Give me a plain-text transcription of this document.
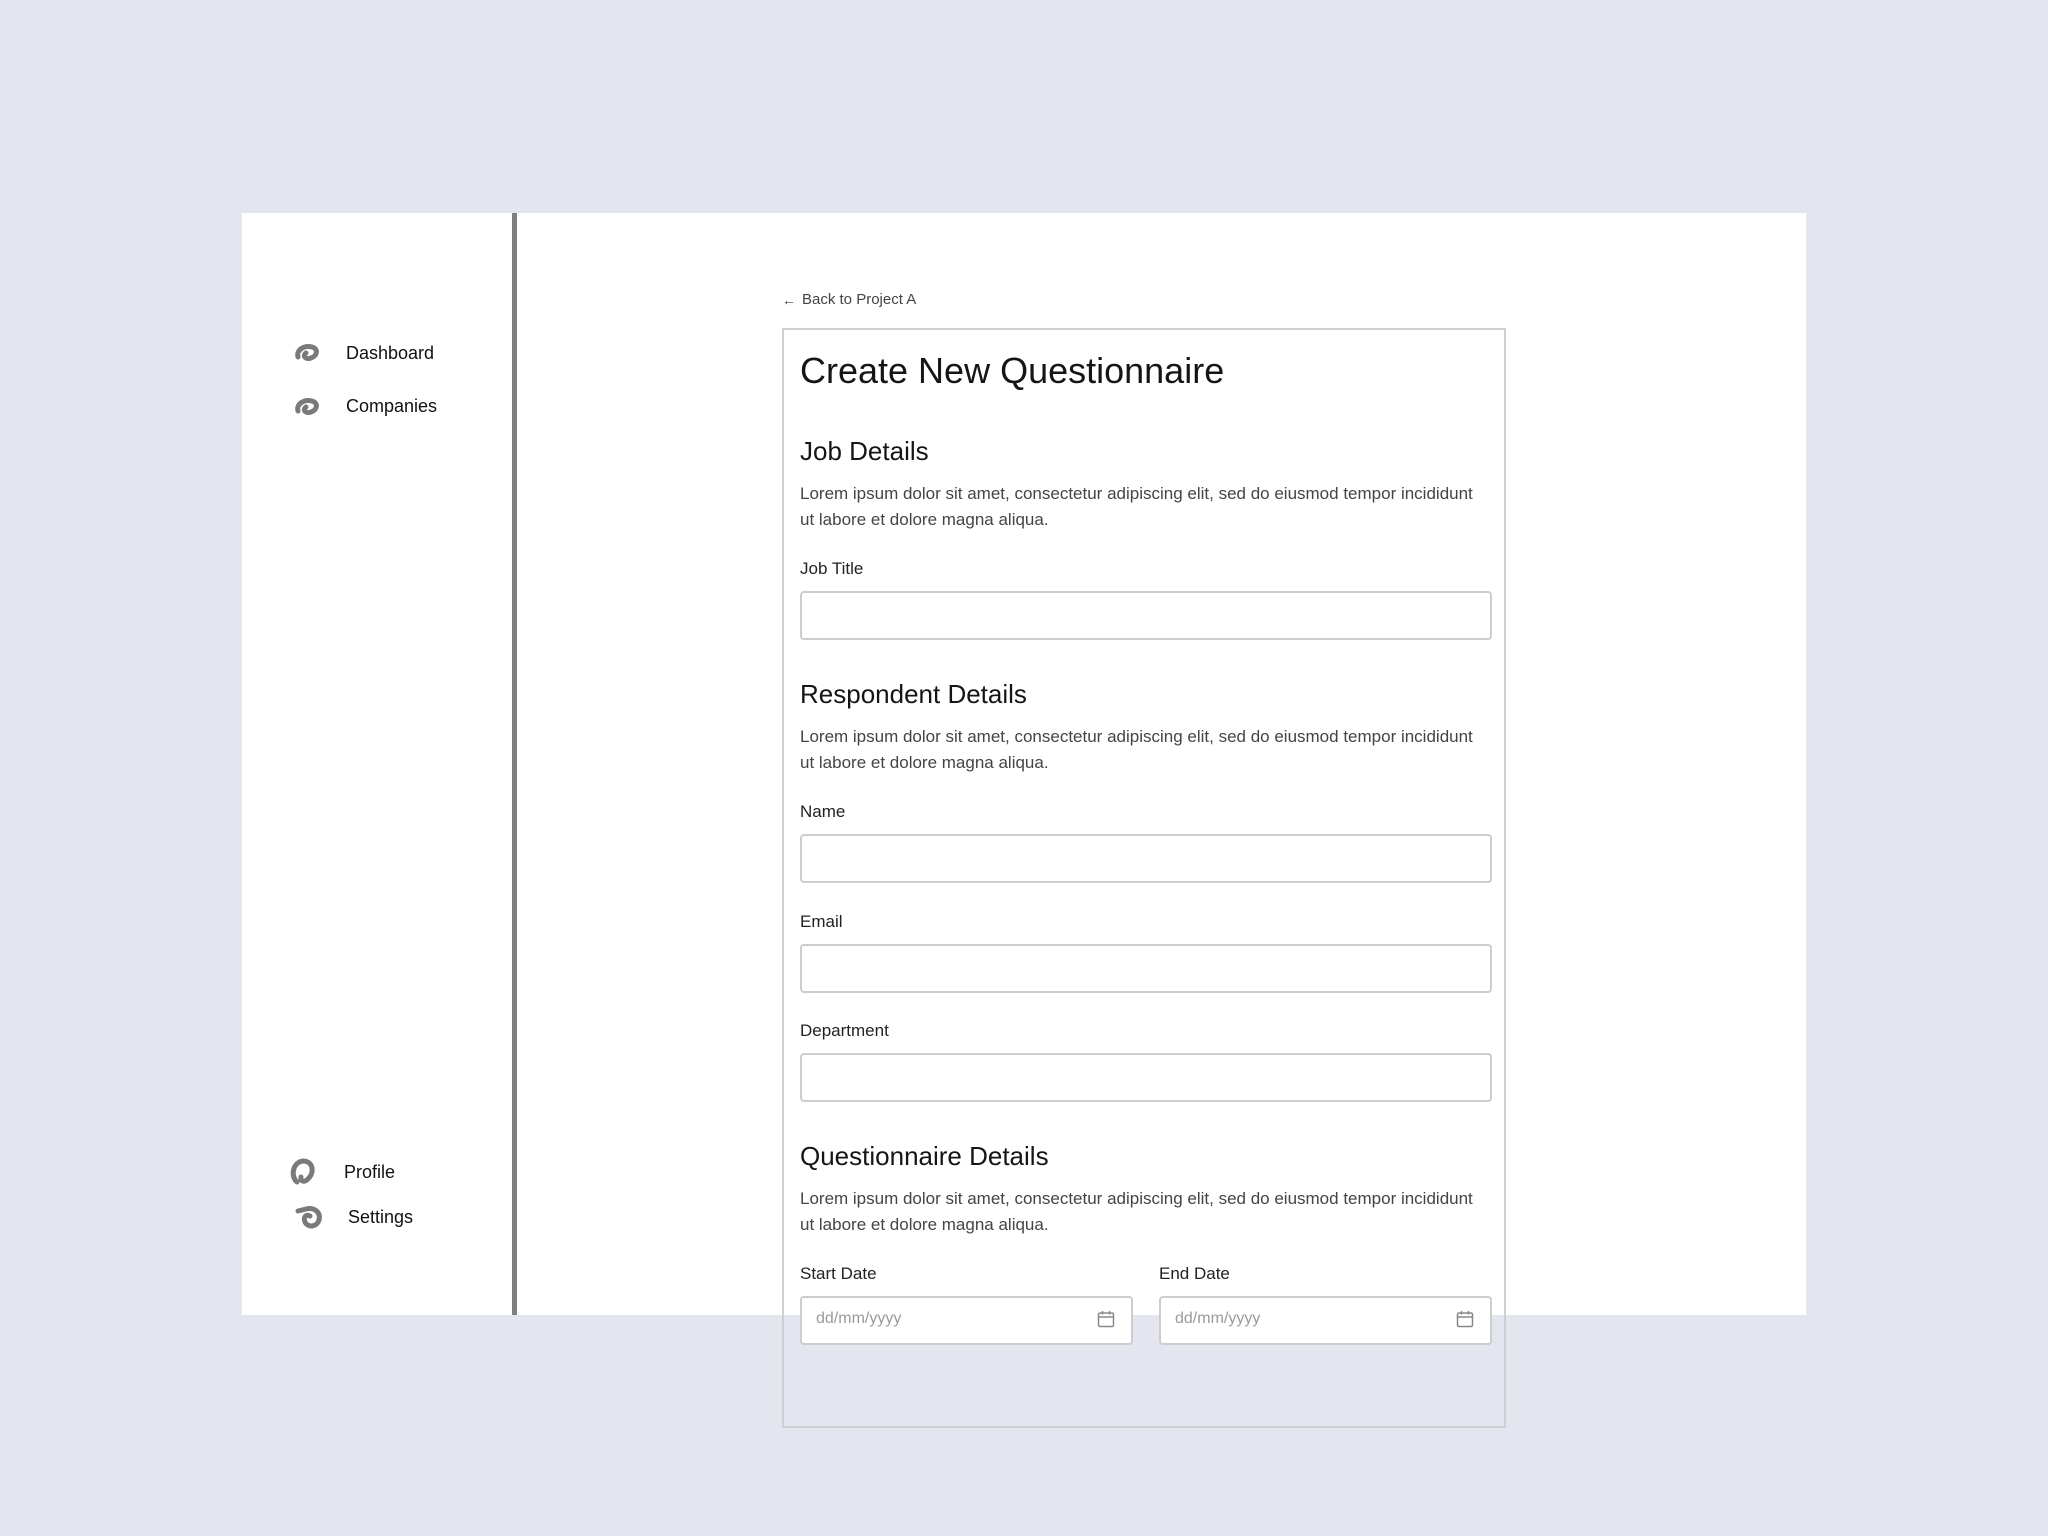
Dashboard
Companies
Profile
Settings
← Back to Project A
Create New Questionnaire
Job Details

Lorem ipsum dolor sit amet, consectetur adipiscing elit, sed do eiusmod tempor incididunt ut labore et dolore magna aliqua.

Job Title
Respondent Details

Lorem ipsum dolor sit amet, consectetur adipiscing elit, sed do eiusmod tempor incididunt ut labore et dolore magna aliqua.

Name
Email
Department
Questionnaire Details

Lorem ipsum dolor sit amet, consectetur adipiscing elit, sed do eiusmod tempor incididunt ut labore et dolore magna aliqua.

Start Date
dd/mm/yyyy
End Date
dd/mm/yyyy
